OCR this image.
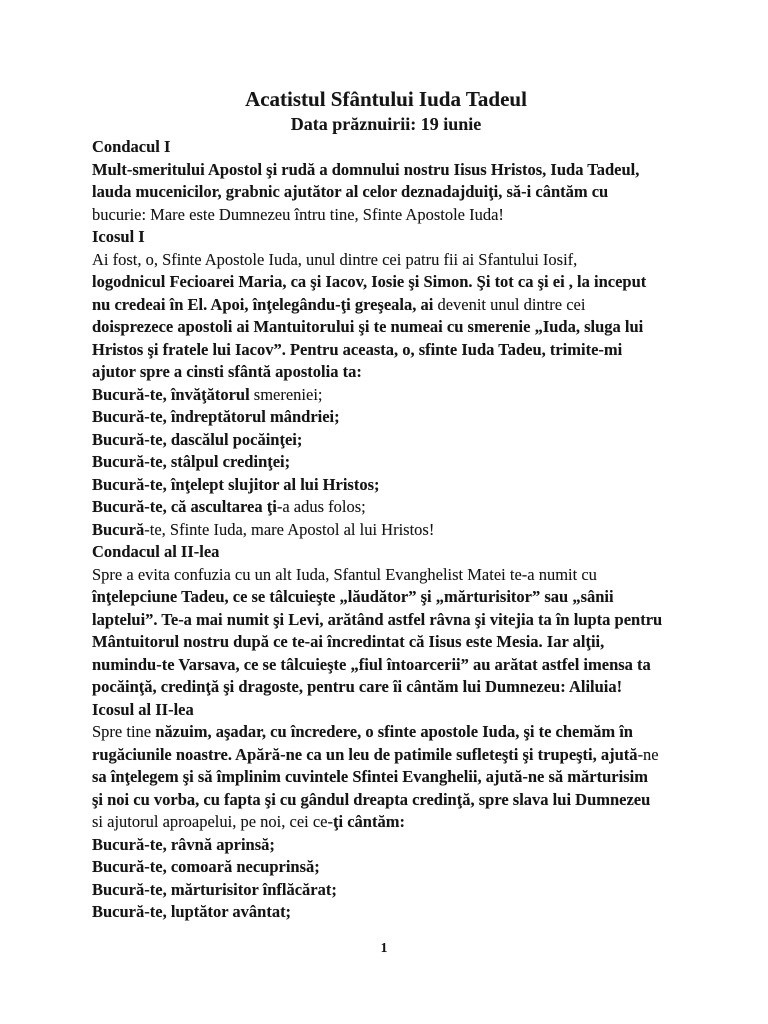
Acatistul Sfântului Iuda Tadeul
Data prăznuirii: 19 iunie
Condacul I
Mult-smeritului Apostol şi rudă a domnului nostru Iisus Hristos, Iuda Tadeul,
lauda mucenicilor, grabnic ajutător al celor deznadajduiţi, să-i cântăm cu
bucurie: Mare este Dumnezeu întru tine, Sfinte Apostole Iuda!
Icosul I
Ai fost, o, Sfinte Apostole Iuda, unul dintre cei patru fii ai Sfantului Iosif,
logodnicul Fecioarei Maria, ca şi Iacov, Iosie şi Simon. Şi tot ca şi ei , la inceput
nu credeai în El. Apoi, înţelegându-ţi greşeala, ai devenit unul dintre cei
doisprezece apostoli ai Mantuitorului şi te numeai cu smerenie „Iuda, sluga lui
Hristos şi fratele lui Iacov”. Pentru aceasta, o, sfinte Iuda Tadeu, trimite-mi
ajutor spre a cinsti sfântă apostolia ta:
Bucură-te, învăţătorul smereniei;
Bucură-te, îndreptătorul mândriei;
Bucură-te, dascălul pocăinţei;
Bucură-te, stâlpul credinţei;
Bucură-te, înţelept slujitor al lui Hristos;
Bucură-te, că ascultarea ţi-a adus folos;
Bucură-te, Sfinte Iuda, mare Apostol al lui Hristos!
Condacul al II-lea
Spre a evita confuzia cu un alt Iuda, Sfantul Evanghelist Matei te-a numit cu
înţelepciune Tadeu, ce se tâlcuieşte „lăudător” şi „mărturisitor” sau „sânii
laptelui”. Te-a mai numit şi Levi, arătând astfel râvna şi vitejia ta în lupta pentru
Mântuitorul nostru după ce te-ai încredintat că Iisus este Mesia. Iar alţii,
numindu-te Varsava, ce se tâlcuieşte „fiul întoarcerii” au arătat astfel imensa ta
pocăinţă, credinţă şi dragoste, pentru care îi cântăm lui Dumnezeu: Aliluia!
Icosul al II-lea
Spre tine năzuim, aşadar, cu încredere, o sfinte apostole Iuda, şi te chemăm în
rugăciunile noastre. Apără-ne ca un leu de patimile sufleteşti şi trupeşti, ajută-ne
sa înţelegem şi să împlinim cuvintele Sfintei Evanghelii, ajută-ne să mărturisim
şi noi cu vorba, cu fapta şi cu gândul dreapta credinţă, spre slava lui Dumnezeu
si ajutorul aproapelui, pe noi, cei ce-ţi cântăm:
Bucură-te, râvnă aprinsă;
Bucură-te, comoară necuprinsă;
Bucură-te, mărturisitor înflăcărat;
Bucură-te, luptător avântat;
1
